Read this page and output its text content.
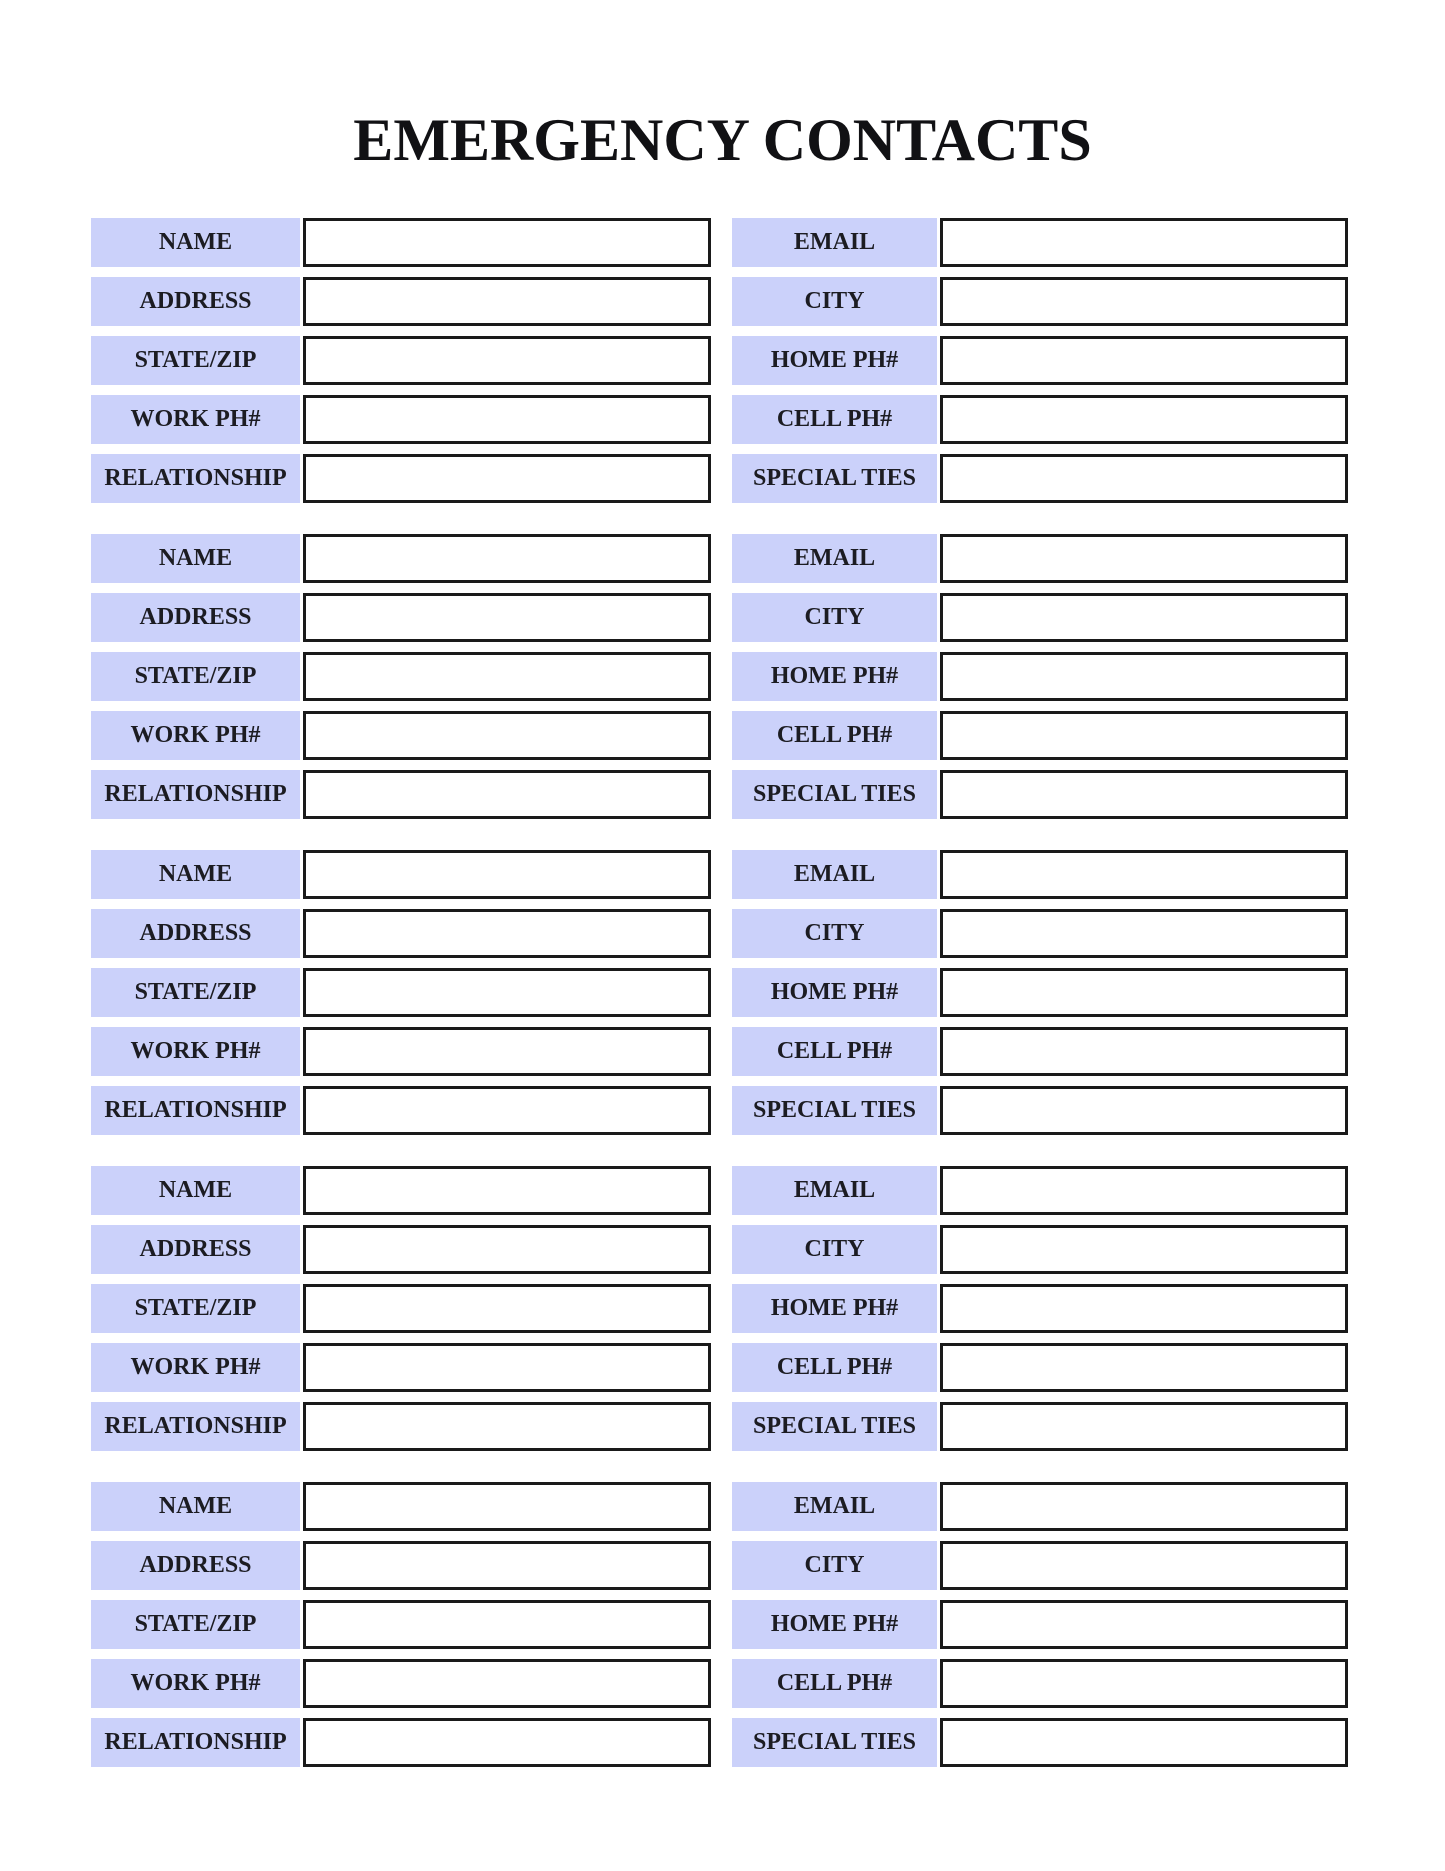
EMERGENCY CONTACTS
NAME	EMAIL
ADDRESS	CITY
STATE/ZIP	HOME PH#
WORK PH#	CELL PH#
RELATIONSHIP	SPECIAL TIES
NAME	EMAIL
ADDRESS	CITY
STATE/ZIP	HOME PH#
WORK PH#	CELL PH#
RELATIONSHIP	SPECIAL TIES
NAME	EMAIL
ADDRESS	CITY
STATE/ZIP	HOME PH#
WORK PH#	CELL PH#
RELATIONSHIP	SPECIAL TIES
NAME	EMAIL
ADDRESS	CITY
STATE/ZIP	HOME PH#
WORK PH#	CELL PH#
RELATIONSHIP	SPECIAL TIES
NAME	EMAIL
ADDRESS	CITY
STATE/ZIP	HOME PH#
WORK PH#	CELL PH#
RELATIONSHIP	SPECIAL TIES
